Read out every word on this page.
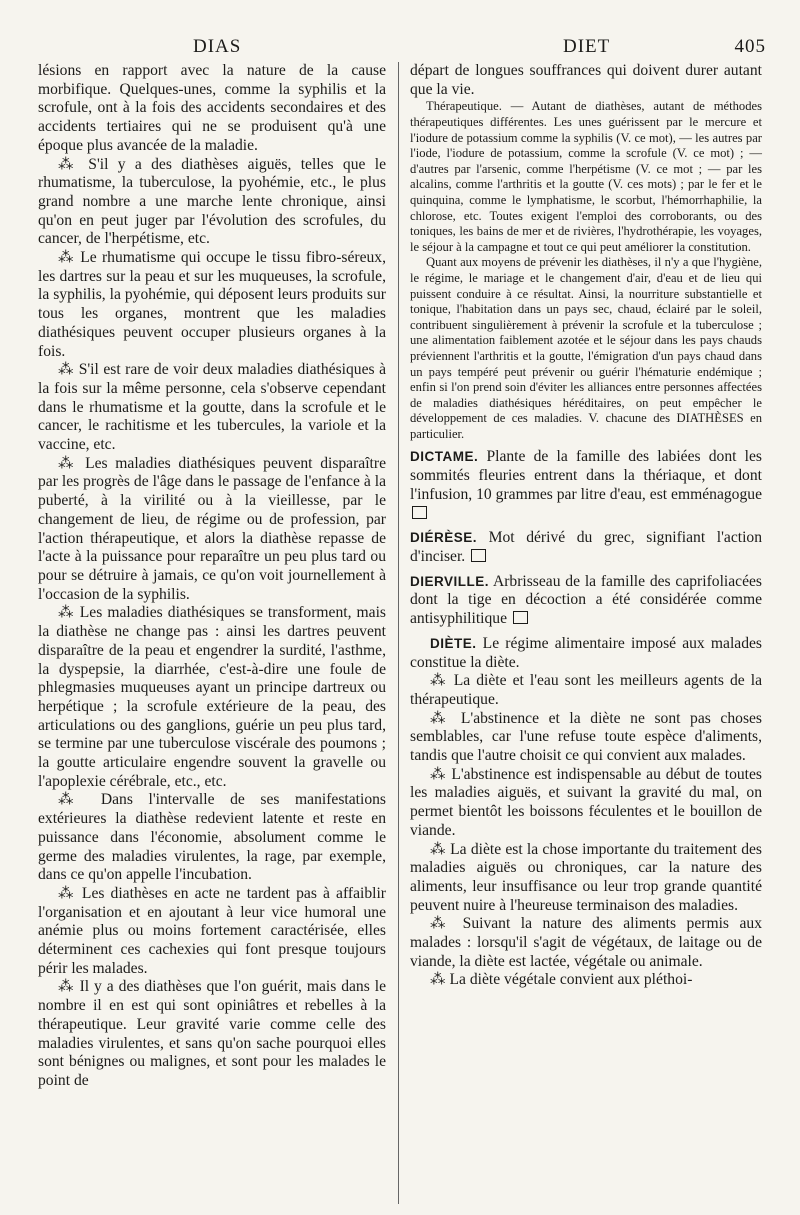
DIAS	DIET	405

lésions en rapport avec la nature de la cause morbifique. Quelques-unes, comme la syphilis et la scrofule, ont à la fois des accidents secondaires et des accidents tertiaires qui ne se produisent qu'à une époque plus avancée de la maladie.

⁂ S'il y a des diathèses aiguës, telles que le rhumatisme, la tuberculose, la pyohémie, etc., le plus grand nombre a une marche lente chronique, ainsi qu'on en peut juger par l'évolution des scrofules, du cancer, de l'herpétisme, etc.

⁂ Le rhumatisme qui occupe le tissu fibro-séreux, les dartres sur la peau et sur les muqueuses, la scrofule, la syphilis, la pyohémie, qui déposent leurs produits sur tous les organes, montrent que les maladies diathésiques peuvent occuper plusieurs organes à la fois.

⁂ S'il est rare de voir deux maladies diathésiques à la fois sur la même personne, cela s'observe cependant dans le rhumatisme et la goutte, dans la scrofule et le cancer, le rachitisme et les tubercules, la variole et la vaccine, etc.

⁂ Les maladies diathésiques peuvent disparaître par les progrès de l'âge dans le passage de l'enfance à la puberté, à la virilité ou à la vieillesse, par le changement de lieu, de régime ou de profession, par l'action thérapeutique, et alors la diathèse repasse de l'acte à la puissance pour reparaître un peu plus tard ou pour se détruire à jamais, ce qu'on voit journellement à l'occasion de la syphilis.

⁂ Les maladies diathésiques se transforment, mais la diathèse ne change pas : ainsi les dartres peuvent disparaître de la peau et engendrer la surdité, l'asthme, la dyspepsie, la diarrhée, c'est-à-dire une foule de phlegmasies muqueuses ayant un principe dartreux ou herpétique ; la scrofule extérieure de la peau, des articulations ou des ganglions, guérie un peu plus tard, se termine par une tuberculose viscérale des poumons ; la goutte articulaire engendre souvent la gravelle ou l'apoplexie cérébrale, etc., etc.

⁂ Dans l'intervalle de ses manifestations extérieures la diathèse redevient latente et reste en puissance dans l'économie, absolument comme le germe des maladies virulentes, la rage, par exemple, dans ce qu'on appelle l'incubation.

⁂ Les diathèses en acte ne tardent pas à affaiblir l'organisation et en ajoutant à leur vice humoral une anémie plus ou moins fortement caractérisée, elles déterminent ces cachexies qui font presque toujours périr les malades.

⁂ Il y a des diathèses que l'on guérit, mais dans le nombre il en est qui sont opiniâtres et rebelles à la thérapeutique. Leur gravité varie comme celle des maladies virulentes, et sans qu'on sache pourquoi elles sont bénignes ou malignes, et sont pour les malades le point de

départ de longues souffrances qui doivent durer autant que la vie.

Thérapeutique. — Autant de diathèses, autant de méthodes thérapeutiques différentes. Les unes guérissent par le mercure et l'iodure de potassium comme la syphilis (V. ce mot), — les autres par l'iode, l'iodure de potassium, comme la scrofule (V. ce mot) ; — d'autres par l'arsenic, comme l'herpétisme (V. ce mot ; — par les alcalins, comme l'arthritis et la goutte (V. ces mots) ; par le fer et le quinquina, comme le lymphatisme, le scorbut, l'hémorrhaphilie, la chlorose, etc. Toutes exigent l'emploi des corroborants, ou des toniques, les bains de mer et de rivières, l'hydrothérapie, les voyages, le séjour à la campagne et tout ce qui peut améliorer la constitution.

Quant aux moyens de prévenir les diathèses, il n'y a que l'hygiène, le régime, le mariage et le changement d'air, d'eau et de lieu qui puissent conduire à ce résultat. Ainsi, la nourriture substantielle et tonique, l'habitation dans un pays sec, chaud, éclairé par le soleil, contribuent singulièrement à prévenir la scrofule et la tuberculose ; une alimentation faiblement azotée et le séjour dans les pays chauds préviennent l'arthritis et la goutte, l'émigration d'un pays chaud dans un pays tempéré peut prévenir ou guérir l'hématurie endémique ; enfin si l'on prend soin d'éviter les alliances entre personnes affectées de maladies diathésiques héréditaires, on peut empêcher le développement de ces maladies. V. chacune des DIATHÈSES en particulier.

DICTAME. Plante de la famille des labiées dont les sommités fleuries entrent dans la thériaque, et dont l'infusion, 10 grammes par litre d'eau, est emménagogue

DIÉRÈSE. Mot dérivé du grec, signifiant l'action d'inciser.

DIERVILLE. Arbrisseau de la famille des caprifoliacées dont la tige en décoction a été considérée comme antisyphilitique

DIÈTE. Le régime alimentaire imposé aux malades constitue la diète.

⁂ La diète et l'eau sont les meilleurs agents de la thérapeutique.

⁂ L'abstinence et la diète ne sont pas choses semblables, car l'une refuse toute espèce d'aliments, tandis que l'autre choisit ce qui convient aux malades.

⁂ L'abstinence est indispensable au début de toutes les maladies aiguës, et suivant la gravité du mal, on permet bientôt les boissons féculentes et le bouillon de viande.

⁂ La diète est la chose importante du traitement des maladies aiguës ou chroniques, car la nature des aliments, leur insuffisance ou leur trop grande quantité peuvent nuire à l'heureuse terminaison des maladies.

⁂ Suivant la nature des aliments permis aux malades : lorsqu'il s'agit de végétaux, de laitage ou de viande, la diète est lactée, végétale ou animale.

⁂ La diète végétale convient aux pléthoi-
